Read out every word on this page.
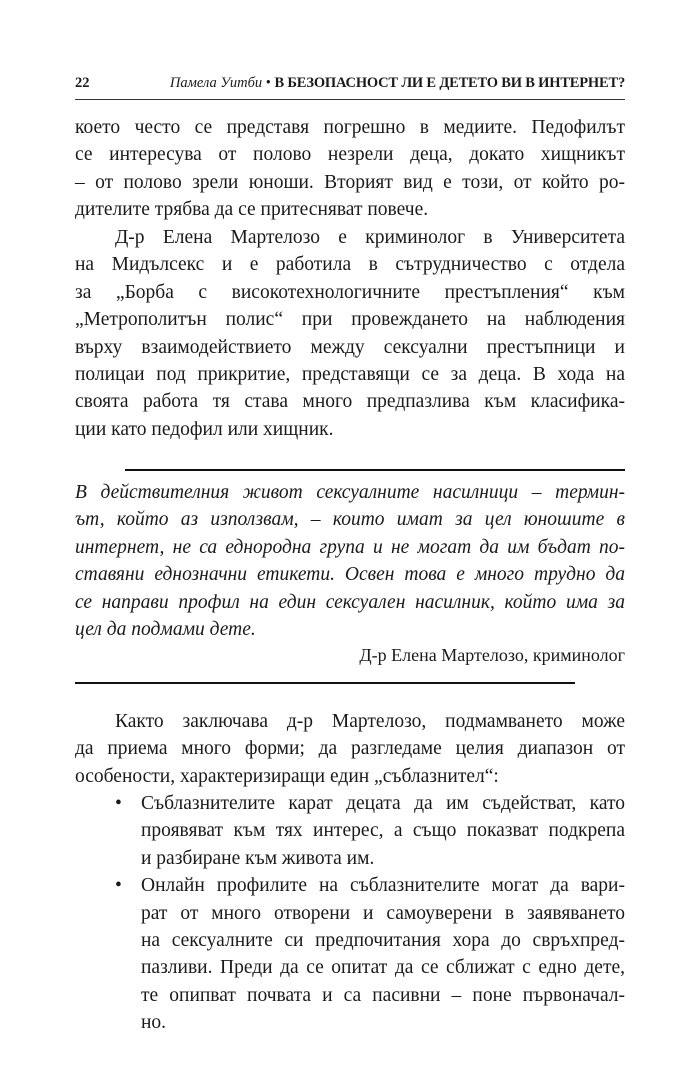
22	Памела Уитби • В БЕЗОПАСНОСТ ЛИ Е ДЕТЕТО ВИ В ИНТЕРНЕТ?
което често се представя погрешно в медиите. Педофилът
се интересува от полово незрели деца, докато хищникът
– от полово зрели юноши. Вторият вид е този, от който ро-
дителите трябва да се притесняват повече.
Д-р Елена Мартелозо е криминолог в Университета
на Мидълсекс и е работила в сътрудничество с отдела
за „Борба с високотехнологичните престъпления“ към
„Метрополитън полис“ при провеждането на наблюдения
върху взаимодействието между сексуални престъпници и
полицаи под прикритие, представящи се за деца. В хода на
своята работа тя става много предпазлива към класифика-
ции като педофил или хищник.
В действителния живот сексуалните насилници – термин-
ът, който аз използвам, – които имат за цел юношите в
интернет, не са еднородна група и не могат да им бъдат по-
ставяни еднозначни етикети. Освен това е много трудно да
се направи профил на един сексуален насилник, който има за
цел да подмами дете.
Д-р Елена Мартелозо, криминолог
Както заключава д-р Мартелозо, подмамването може
да приема много форми; да разгледаме целия диапазон от
особености, характеризиращи един „съблазнител“:
• Съблазнителите карат децата да им съдействат, като
проявяват към тях интерес, а също показват подкрепа
и разбиране към живота им.
• Онлайн профилите на съблазнителите могат да вари-
рат от много отворени и самоуверени в заявяването
на сексуалните си предпочитания хора до свръхпред-
пазливи. Преди да се опитат да се сближат с едно дете,
те опипват почвата и са пасивни – поне първоначал-
но.
